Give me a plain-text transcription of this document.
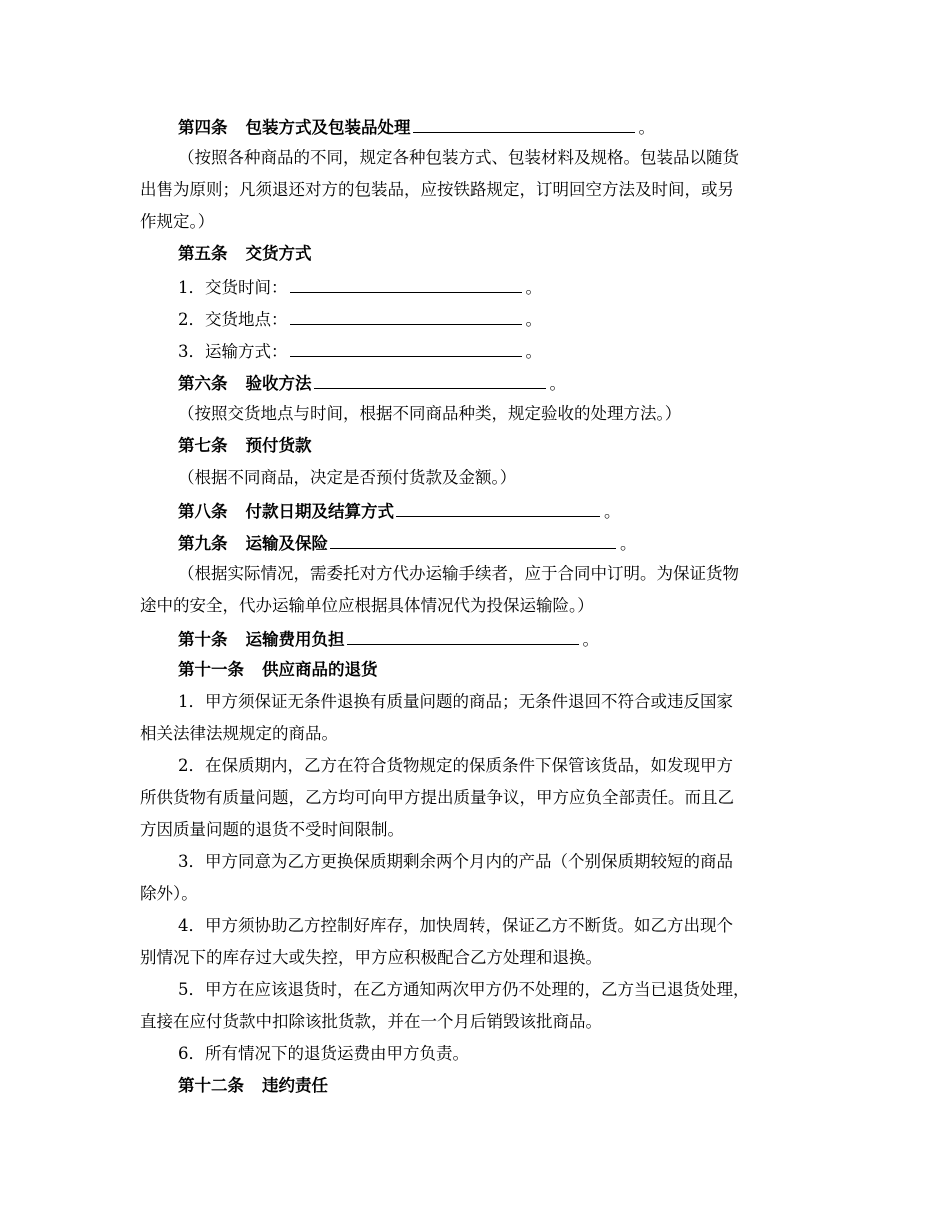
第四条 包装方式及包装品处理	。
（按照各种商品的不同，规定各种包装方式、包装材料及规格。包装品以随货
出售为原则；凡须退还对方的包装品，应按铁路规定，订明回空方法及时间，或另
作规定。）
第五条 交货方式
1．交货时间：	。
2．交货地点：	。
3．运输方式：	。
第六条 验收方法	。
（按照交货地点与时间，根据不同商品种类，规定验收的处理方法。）
第七条 预付货款
（根据不同商品，决定是否预付货款及金额。）
第八条 付款日期及结算方式	。
第九条 运输及保险	。
（根据实际情况，需委托对方代办运输手续者，应于合同中订明。为保证货物
途中的安全，代办运输单位应根据具体情况代为投保运输险。）
第十条 运输费用负担	。
第十一条 供应商品的退货
1．甲方须保证无条件退换有质量问题的商品；无条件退回不符合或违反国家
相关法律法规规定的商品。
2．在保质期内，乙方在符合货物规定的保质条件下保管该货品，如发现甲方
所供货物有质量问题，乙方均可向甲方提出质量争议，甲方应负全部责任。而且乙
方因质量问题的退货不受时间限制。
3．甲方同意为乙方更换保质期剩余两个月内的产品（个别保质期较短的商品
除外）。
4．甲方须协助乙方控制好库存，加快周转，保证乙方不断货。如乙方出现个
别情况下的库存过大或失控，甲方应积极配合乙方处理和退换。
5．甲方在应该退货时，在乙方通知两次甲方仍不处理的，乙方当已退货处理，
直接在应付货款中扣除该批货款，并在一个月后销毁该批商品。
6．所有情况下的退货运费由甲方负责。
第十二条 违约责任
